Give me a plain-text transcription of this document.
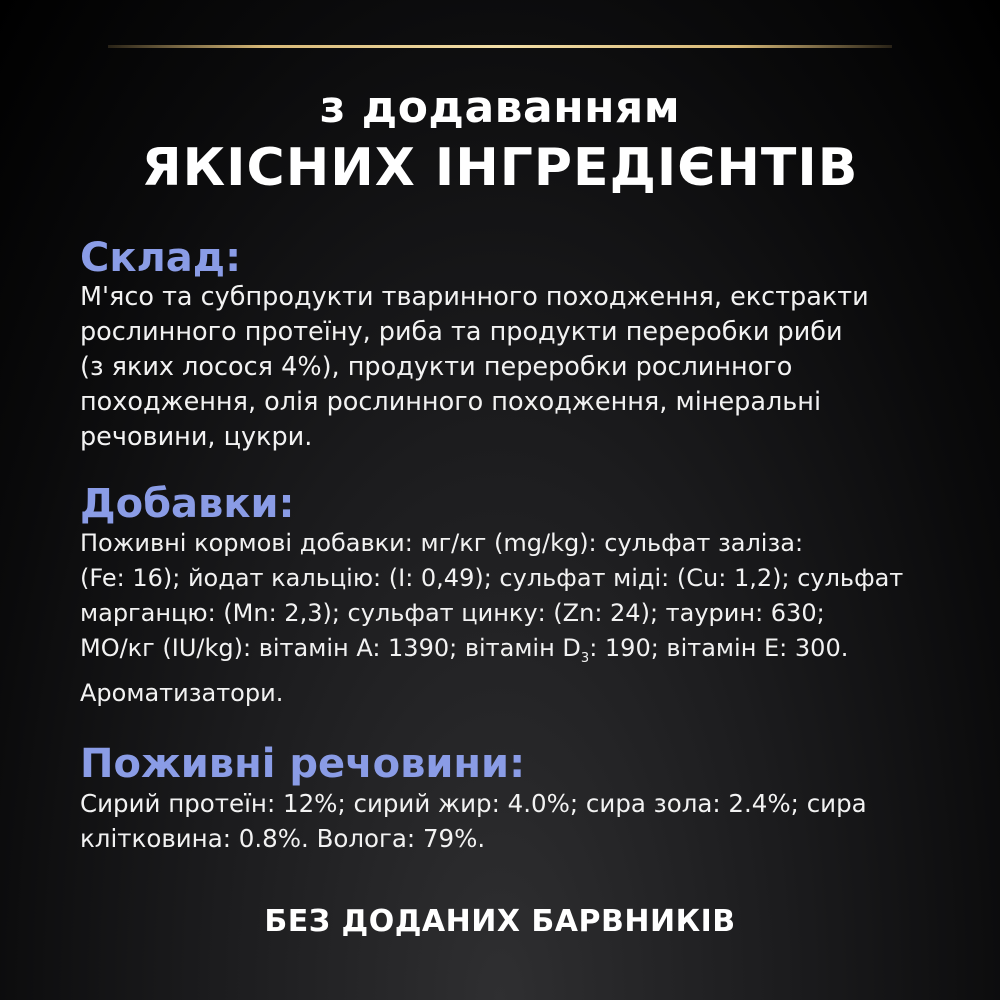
з додаванням
ЯКІСНИХ ІНГРЕДІЄНТІВ
Склад:

М'ясо та субпродукти тваринного походження, екстракти
рослинного протеїну, риба та продукти переробки риби
(з яких лосося 4%), продукти переробки рослинного
походження, олія рослинного походження, мінеральні
речовини, цукри.

Добавки:

Поживні кормові добавки: мг/кг (mg/kg): сульфат заліза:
(Fe: 16); йодат кальцію: (I: 0,49); сульфат міді: (Cu: 1,2); сульфат
марганцю: (Mn: 2,3); сульфат цинку: (Zn: 24); таурин: 630;
МО/кг (IU/kg): вітамін A: 1390; вітамін $D_3$: 190; вітамін E: 300.
Ароматизатори.

Поживні речовини:

Сирий протеїн: 12%; сирий жир: 4.0%; сира зола: 2.4%; сира
клітковина: 0.8%. Волога: 79%.

БЕЗ ДОДАНИХ БАРВНИКІВ
